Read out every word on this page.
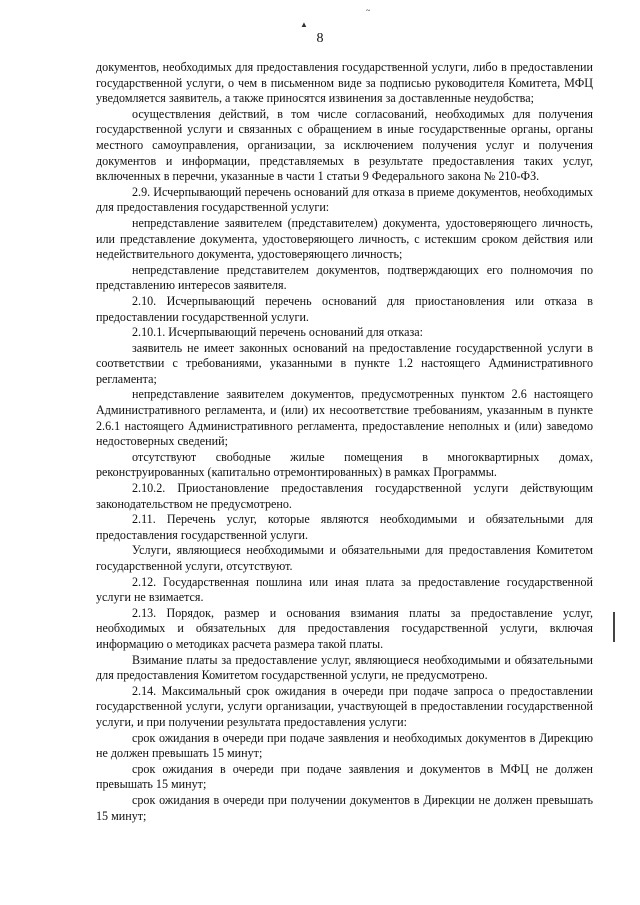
▲
~
8

документов, необходимых для предоставления государственной услуги, либо в предоставлении государственной услуги, о чем в письменном виде за подписью руководителя Комитета, МФЦ уведомляется заявитель, а также приносятся извинения за доставленные неудобства;

осуществления действий, в том числе согласований, необходимых для получения государственной услуги и связанных с обращением в иные государственные органы, органы местного самоуправления, организации, за исключением получения услуг и получения документов и информации, представляемых в результате предоставления таких услуг, включенных в перечни, указанные в части 1 статьи 9 Федерального закона № 210-ФЗ.

2.9. Исчерпывающий перечень оснований для отказа в приеме документов, необходимых для предоставления государственной услуги:

непредставление заявителем (представителем) документа, удостоверяющего личность, или представление документа, удостоверяющего личность, с истекшим сроком действия или недействительного документа, удостоверяющего личность;

непредставление представителем документов, подтверждающих его полномочия по представлению интересов заявителя.

2.10. Исчерпывающий перечень оснований для приостановления или отказа в предоставлении государственной услуги.

2.10.1. Исчерпывающий перечень оснований для отказа:

заявитель не имеет законных оснований на предоставление государственной услуги в соответствии с требованиями, указанными в пункте 1.2 настоящего Административного регламента;

непредставление заявителем документов, предусмотренных пунктом 2.6 настоящего Административного регламента, и (или) их несоответствие требованиям, указанным в пункте 2.6.1 настоящего Административного регламента, предоставление неполных и (или) заведомо недостоверных сведений;

отсутствуют свободные жилые помещения в многоквартирных домах, реконструированных (капитально отремонтированных) в рамках Программы.

2.10.2. Приостановление предоставления государственной услуги действующим законодательством не предусмотрено.

2.11. Перечень услуг, которые являются необходимыми и обязательными для предоставления государственной услуги.

Услуги, являющиеся необходимыми и обязательными для предоставления Комитетом государственной услуги, отсутствуют.

2.12. Государственная пошлина или иная плата за предоставление государственной услуги не взимается.

2.13. Порядок, размер и основания взимания платы за предоставление услуг, необходимых и обязательных для предоставления государственной услуги, включая информацию о методиках расчета размера такой платы.

Взимание платы за предоставление услуг, являющиеся необходимыми и обязательными для предоставления Комитетом государственной услуги, не предусмотрено.

2.14. Максимальный срок ожидания в очереди при подаче запроса о предоставлении государственной услуги, услуги организации, участвующей в предоставлении государственной услуги, и при получении результата предоставления услуги:

срок ожидания в очереди при подаче заявления и необходимых документов в Дирекцию не должен превышать 15 минут;

срок ожидания в очереди при подаче заявления и документов в МФЦ не должен превышать 15 минут;

срок ожидания в очереди при получении документов в Дирекции не должен превышать 15 минут;
